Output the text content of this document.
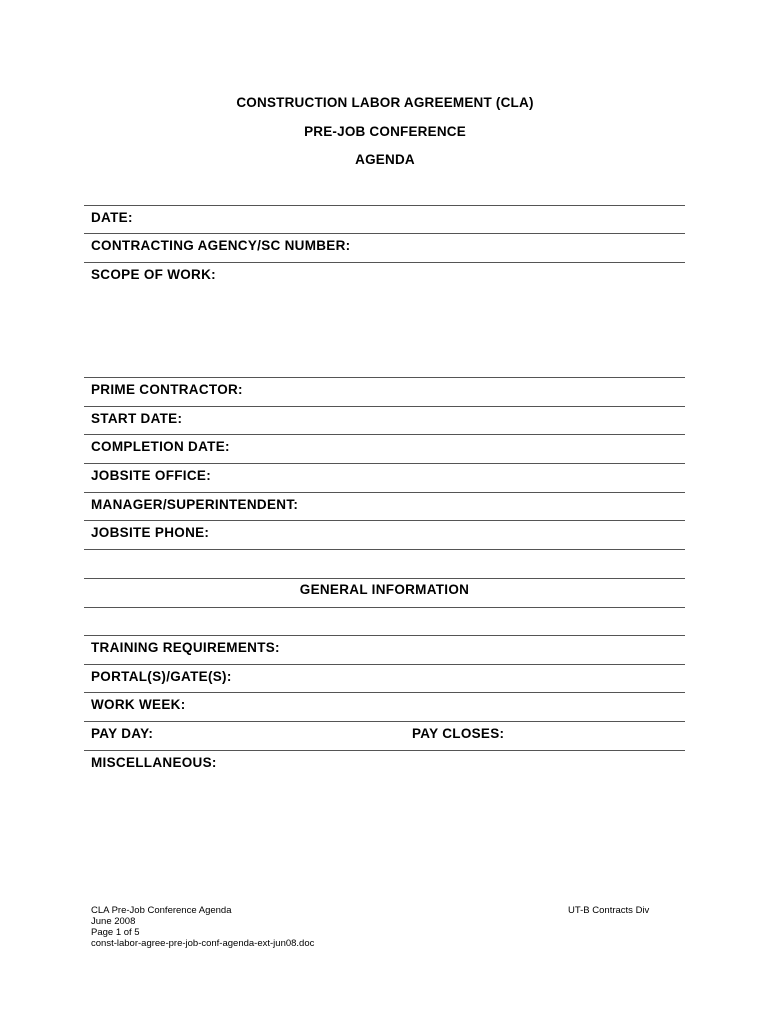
CONSTRUCTION LABOR AGREEMENT (CLA)
PRE-JOB CONFERENCE
AGENDA
DATE:
CONTRACTING AGENCY/SC NUMBER:
SCOPE OF WORK:
PRIME CONTRACTOR:
START DATE:
COMPLETION DATE:
JOBSITE OFFICE:
MANAGER/SUPERINTENDENT:
JOBSITE PHONE:
GENERAL INFORMATION
TRAINING REQUIREMENTS:
PORTAL(S)/GATE(S):
WORK WEEK:
PAY DAY:	PAY CLOSES:
MISCELLANEOUS:
CLA Pre-Job Conference Agenda
June 2008
Page 1 of 5
const-labor-agree-pre-job-conf-agenda-ext-jun08.doc
UT-B Contracts Div
